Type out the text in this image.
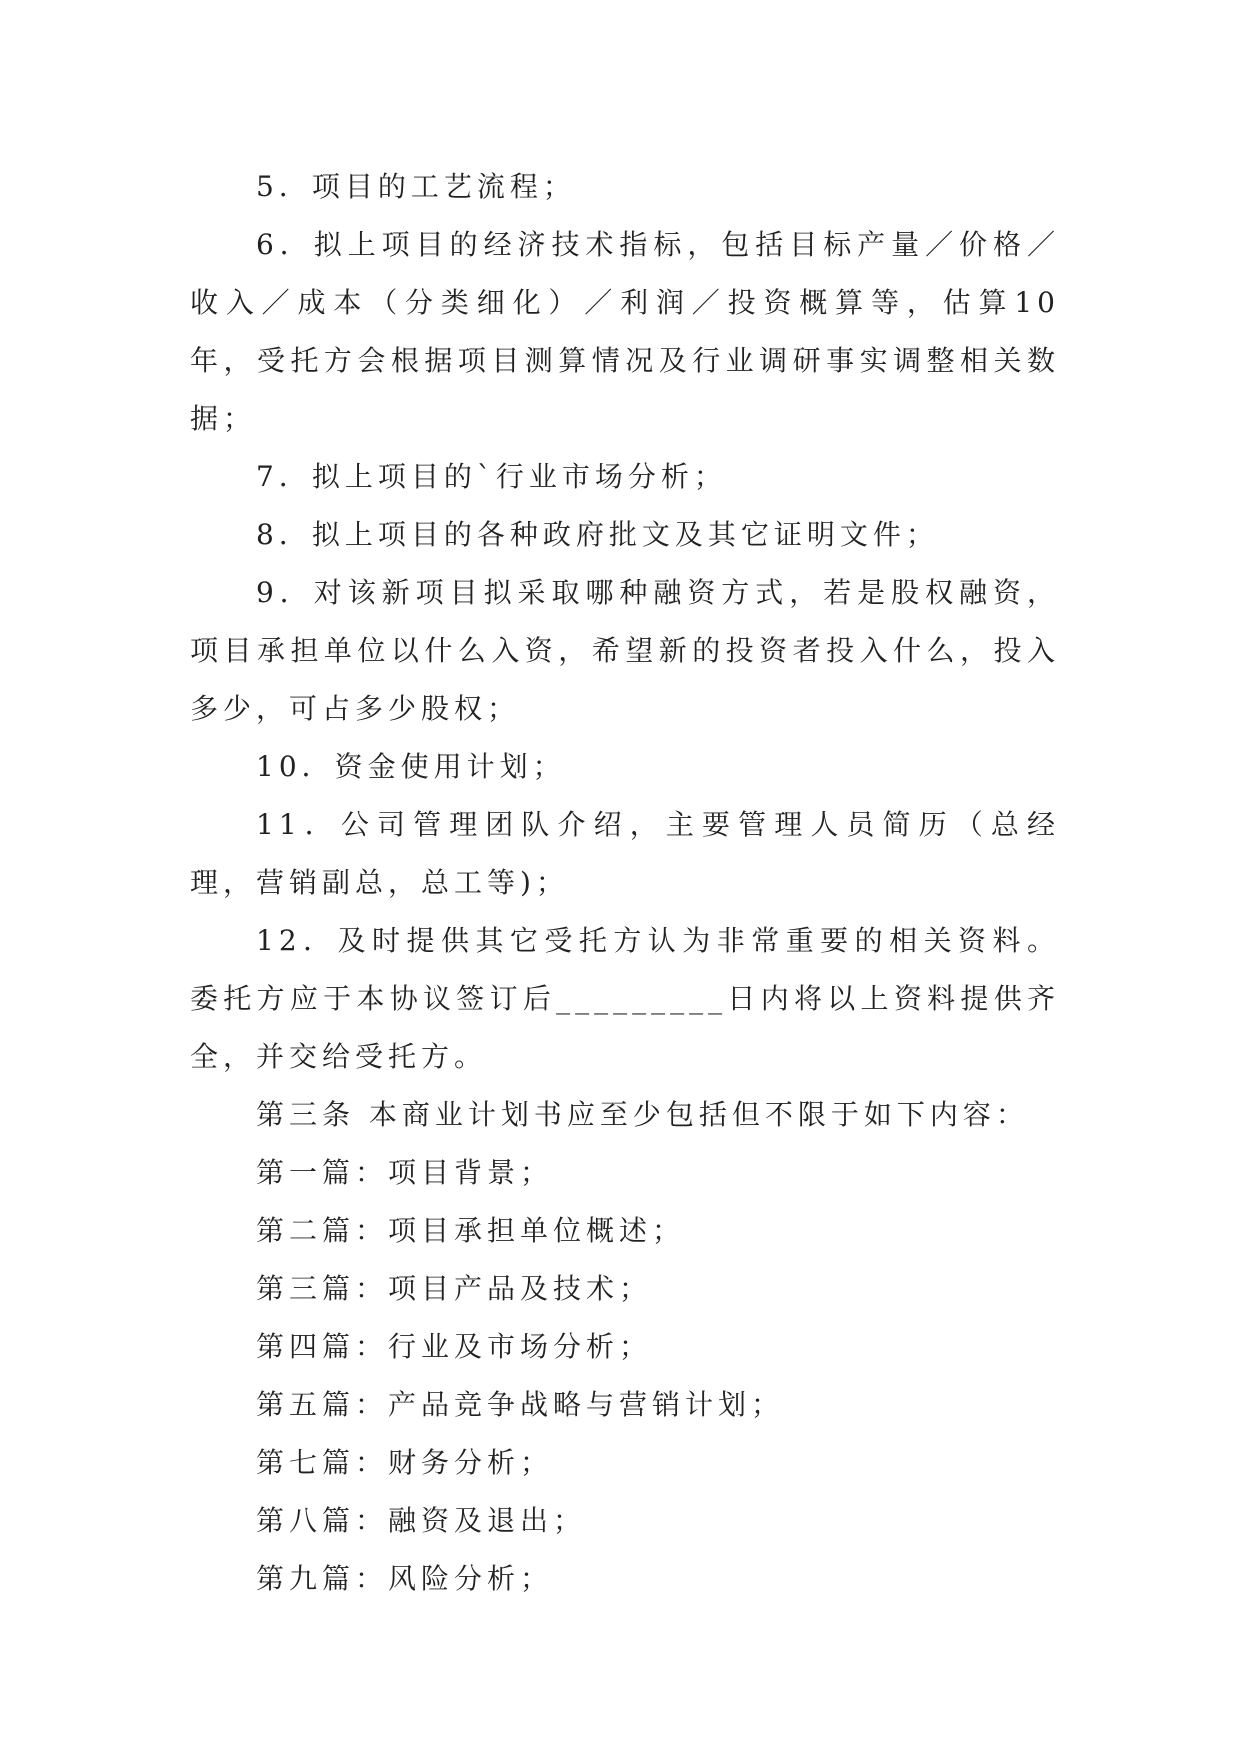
5．项目的工艺流程；

6．拟上项目的经济技术指标，包括目标产量／价格／收入／成本（分类细化）／利润／投资概算等，估算10年，受托方会根据项目测算情况及行业调研事实调整相关数据；

7．拟上项目的`行业市场分析；

8．拟上项目的各种政府批文及其它证明文件；

9．对该新项目拟采取哪种融资方式，若是股权融资，项目承担单位以什么入资，希望新的投资者投入什么，投入多少，可占多少股权；

10．资金使用计划；

11．公司管理团队介绍，主要管理人员简历（总经理，营销副总，总工等)；

12．及时提供其它受托方认为非常重要的相关资料。委托方应于本协议签订后_________日内将以上资料提供齐全，并交给受托方。

第三条 本商业计划书应至少包括但不限于如下内容：

第一篇：项目背景；

第二篇：项目承担单位概述；

第三篇：项目产品及技术；

第四篇：行业及市场分析；

第五篇：产品竞争战略与营销计划；

第七篇：财务分析；

第八篇：融资及退出；

第九篇：风险分析；
